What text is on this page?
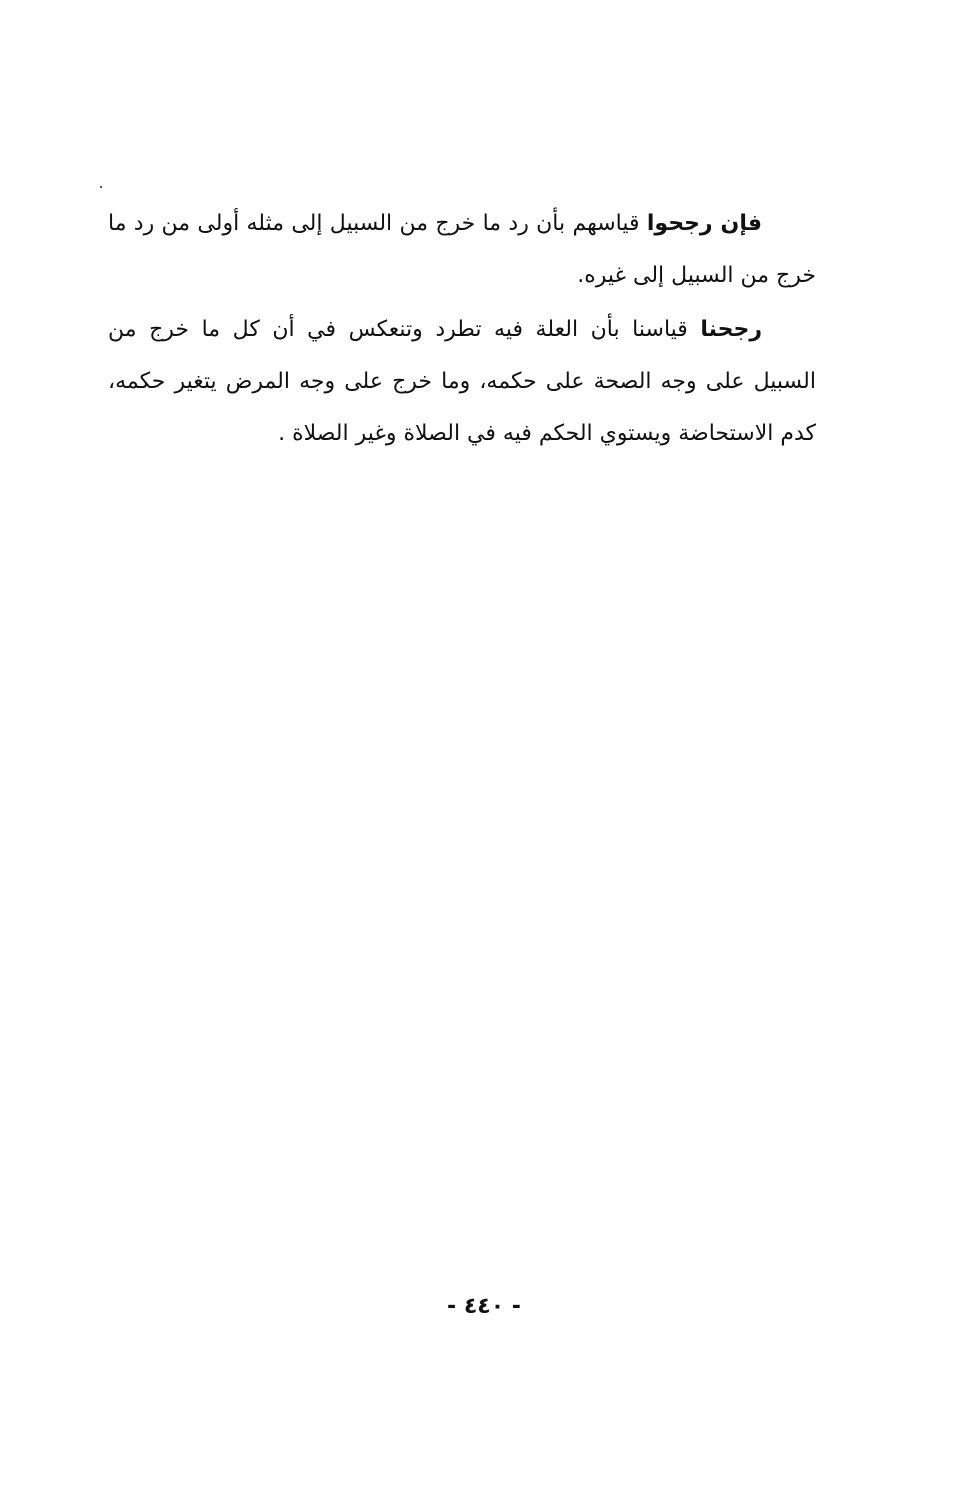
فإن رجحوا قياسهم بأن رد ما خرج من السبيل إلى مثله أولى من رد ما خرج من السبيل إلى غيره.

رجحنا قياسنا بأن العلة فيه تطرد وتنعكس في أن كل ما خرج من السبيل على وجه الصحة على حكمه، وما خرج على وجه المرض يتغير حكمه، كدم الاستحاضة ويستوي الحكم فيه في الصلاة وغير الصلاة .

- ٤٤٠ -
